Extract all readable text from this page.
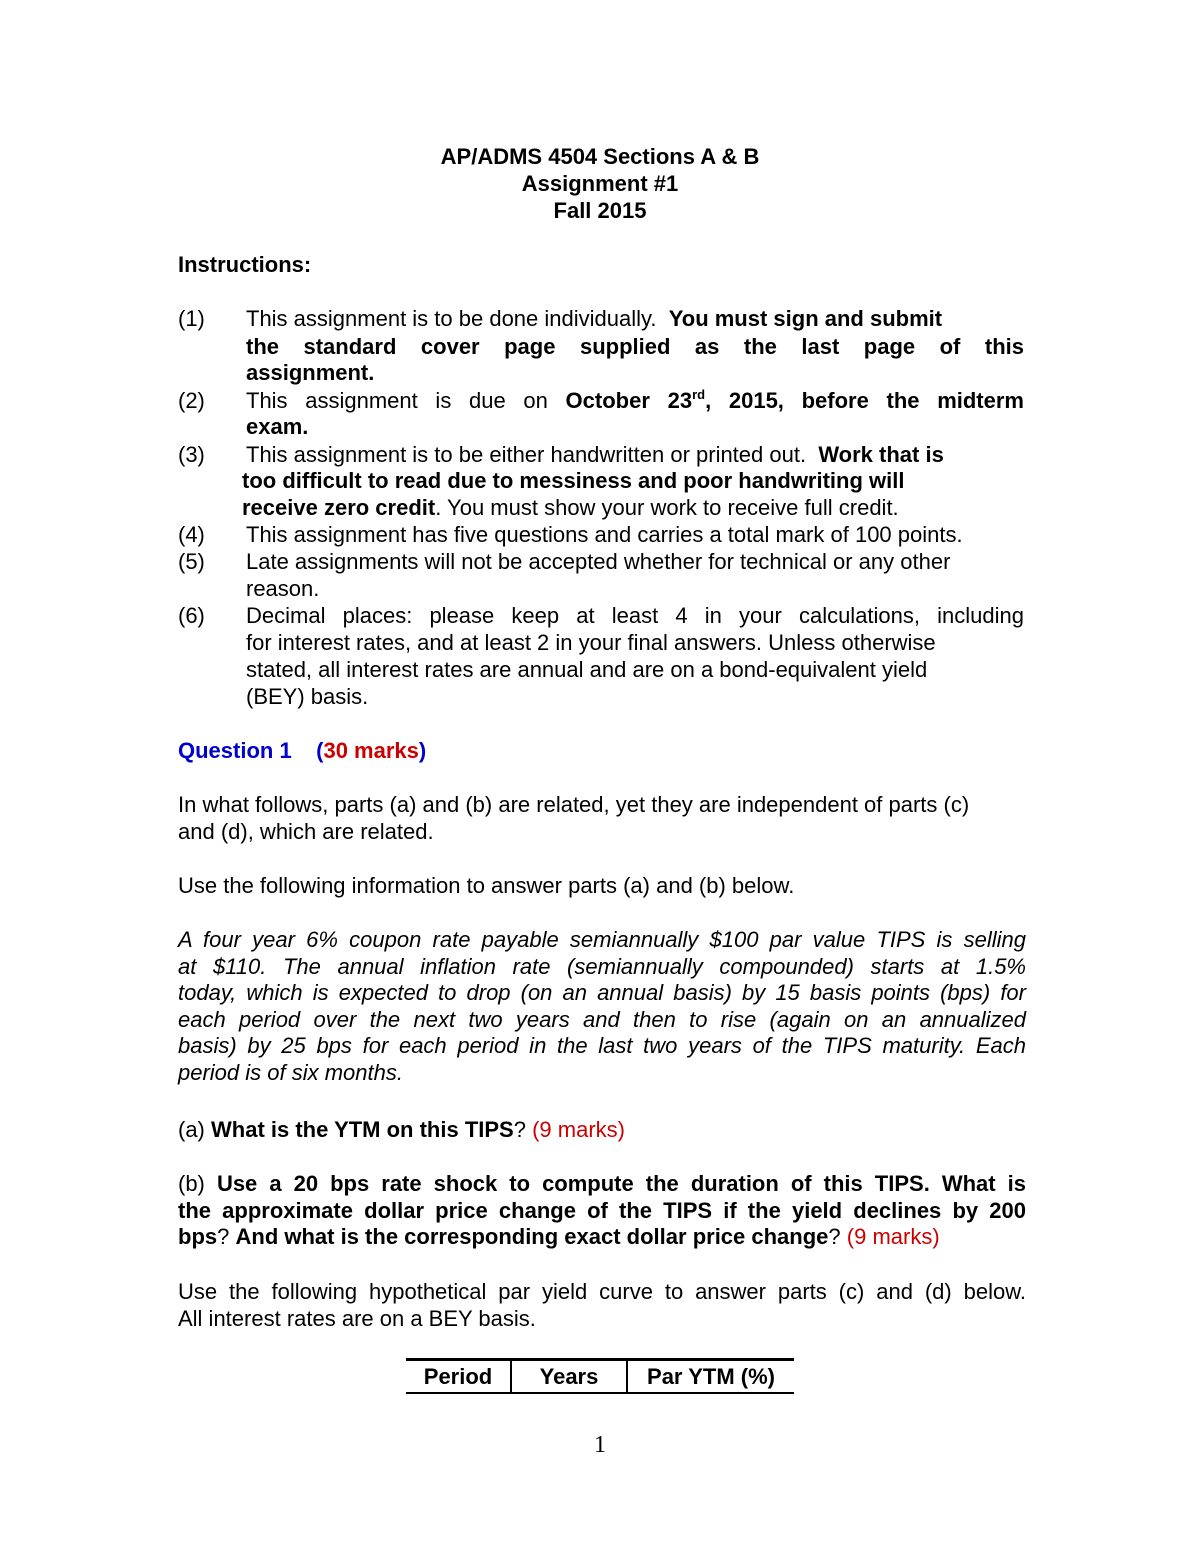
AP/ADMS 4504 Sections A & B
Assignment #1
Fall 2015
Instructions:
(1) This assignment is to be done individually. You must sign and submit
the standard cover page supplied as the last page of this
assignment.
(2) This assignment is due on October 23rd, 2015, before the midterm
exam.
(3) This assignment is to be either handwritten or printed out. Work that is
too difficult to read due to messiness and poor handwriting will
receive zero credit. You must show your work to receive full credit.
(4) This assignment has five questions and carries a total mark of 100 points.
(5) Late assignments will not be accepted whether for technical or any other
reason.
(6) Decimal places: please keep at least 4 in your calculations, including
for interest rates, and at least 2 in your final answers. Unless otherwise
stated, all interest rates are annual and are on a bond-equivalent yield
(BEY) basis.
Question 1 (30 marks)
In what follows, parts (a) and (b) are related, yet they are independent of parts (c)
and (d), which are related.
Use the following information to answer parts (a) and (b) below.
A four year 6% coupon rate payable semiannually $100 par value TIPS is selling
at $110. The annual inflation rate (semiannually compounded) starts at 1.5%
today, which is expected to drop (on an annual basis) by 15 basis points (bps) for
each period over the next two years and then to rise (again on an annualized
basis) by 25 bps for each period in the last two years of the TIPS maturity. Each
period is of six months.
(a) What is the YTM on this TIPS? (9 marks)
(b) Use a 20 bps rate shock to compute the duration of this TIPS. What is
the approximate dollar price change of the TIPS if the yield declines by 200
bps? And what is the corresponding exact dollar price change? (9 marks)
Use the following hypothetical par yield curve to answer parts (c) and (d) below.
All interest rates are on a BEY basis.
Period	Years	Par YTM (%)
1
